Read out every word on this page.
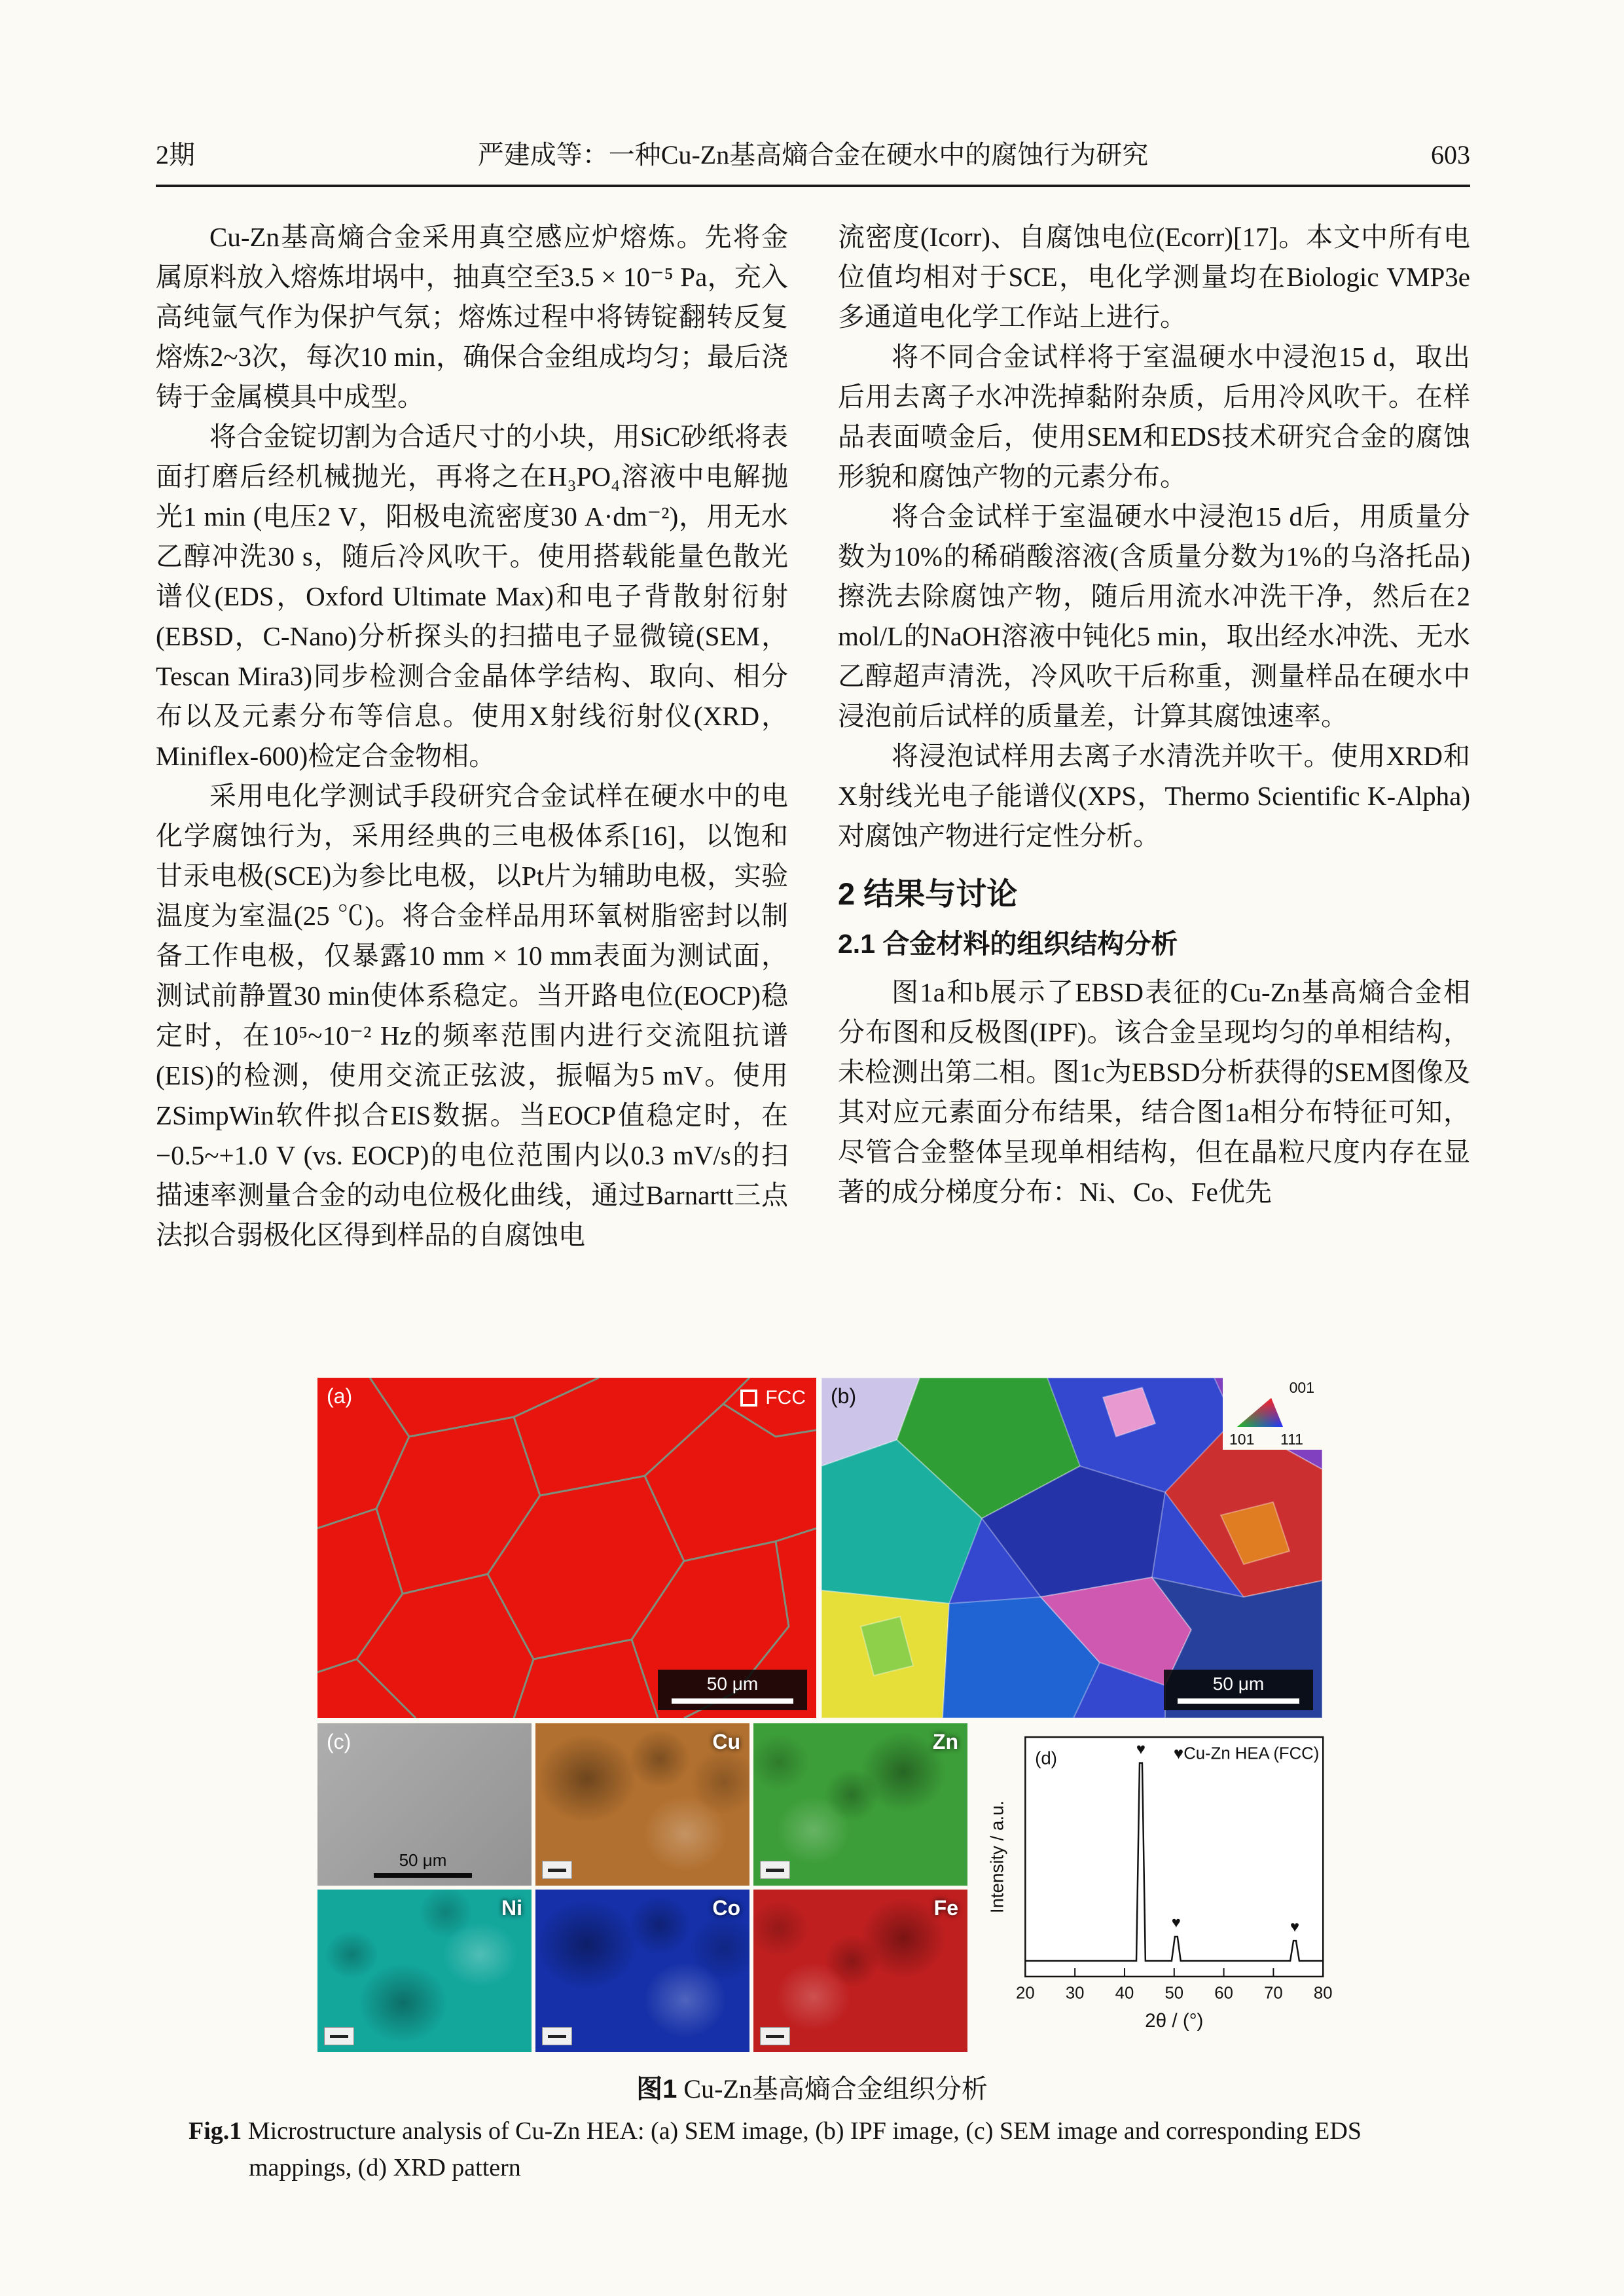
2期	严建成等：一种Cu-Zn基高熵合金在硬水中的腐蚀行为研究	603

Cu-Zn基高熵合金采用真空感应炉熔炼。先将金属原料放入熔炼坩埚中，抽真空至3.5 × 10⁻⁵ Pa，充入高纯氩气作为保护气氛；熔炼过程中将铸锭翻转反复熔炼2~3次，每次10 min，确保合金组成均匀；最后浇铸于金属模具中成型。

将合金锭切割为合适尺寸的小块，用SiC砂纸将表面打磨后经机械抛光，再将之在H₃PO₄溶液中电解抛光1 min (电压2 V，阳极电流密度30 A·dm⁻²)，用无水乙醇冲洗30 s，随后冷风吹干。使用搭载能量色散光谱仪(EDS，Oxford Ultimate Max)和电子背散射衍射(EBSD，C-Nano)分析探头的扫描电子显微镜(SEM，Tescan Mira3)同步检测合金晶体学结构、取向、相分布以及元素分布等信息。使用X射线衍射仪(XRD，Miniflex-600)检定合金物相。

采用电化学测试手段研究合金试样在硬水中的电化学腐蚀行为，采用经典的三电极体系[16]，以饱和甘汞电极(SCE)为参比电极，以Pt片为辅助电极，实验温度为室温(25 ℃)。将合金样品用环氧树脂密封以制备工作电极，仅暴露10 mm × 10 mm表面为测试面，测试前静置30 min使体系稳定。当开路电位(EOCP)稳定时，在10⁵~10⁻² Hz的频率范围内进行交流阻抗谱(EIS)的检测，使用交流正弦波，振幅为5 mV。使用ZSimpWin软件拟合EIS数据。当EOCP值稳定时，在−0.5~+1.0 V (vs. EOCP)的电位范围内以0.3 mV/s的扫描速率测量合金的动电位极化曲线，通过Barnartt三点法拟合弱极化区得到样品的自腐蚀电

流密度(Icorr)、自腐蚀电位(Ecorr)[17]。本文中所有电位值均相对于SCE，电化学测量均在Biologic VMP3e多通道电化学工作站上进行。

将不同合金试样将于室温硬水中浸泡15 d，取出后用去离子水冲洗掉黏附杂质，后用冷风吹干。在样品表面喷金后，使用SEM和EDS技术研究合金的腐蚀形貌和腐蚀产物的元素分布。

将合金试样于室温硬水中浸泡15 d后，用质量分数为10%的稀硝酸溶液(含质量分数为1%的乌洛托品)擦洗去除腐蚀产物，随后用流水冲洗干净，然后在2 mol/L的NaOH溶液中钝化5 min，取出经水冲洗、无水乙醇超声清洗，冷风吹干后称重，测量样品在硬水中浸泡前后试样的质量差，计算其腐蚀速率。

将浸泡试样用去离子水清洗并吹干。使用XRD和X射线光电子能谱仪(XPS，Thermo Scientific K-Alpha)对腐蚀产物进行定性分析。

2 结果与讨论
2.1 合金材料的组织结构分析

图1a和b展示了EBSD表征的Cu-Zn基高熵合金相分布图和反极图(IPF)。该合金呈现均匀的单相结构，未检测出第二相。图1c为EBSD分析获得的SEM图像及其对应元素面分布结果，结合图1a相分布特征可知，尽管合金整体呈现单相结构，但在晶粒尺度内存在显著的成分梯度分布：Ni、Co、Fe优先

(a)	FCC
50 μm
(b)	001
101 111
50 μm
(c)
50 μm
Cu	Zn
Ni	Co	Fe
(d)
2θ / (°)
Intensity / a.u.
20 30 40 50 60 70 80
♥
♥	♥
♥Cu-Zn HEA (FCC)
图1 Cu-Zn基高熵合金组织分析
Fig.1 Microstructure analysis of Cu-Zn HEA: (a) SEM image, (b) IPF image, (c) SEM image and corresponding EDS mappings, (d) XRD pattern
